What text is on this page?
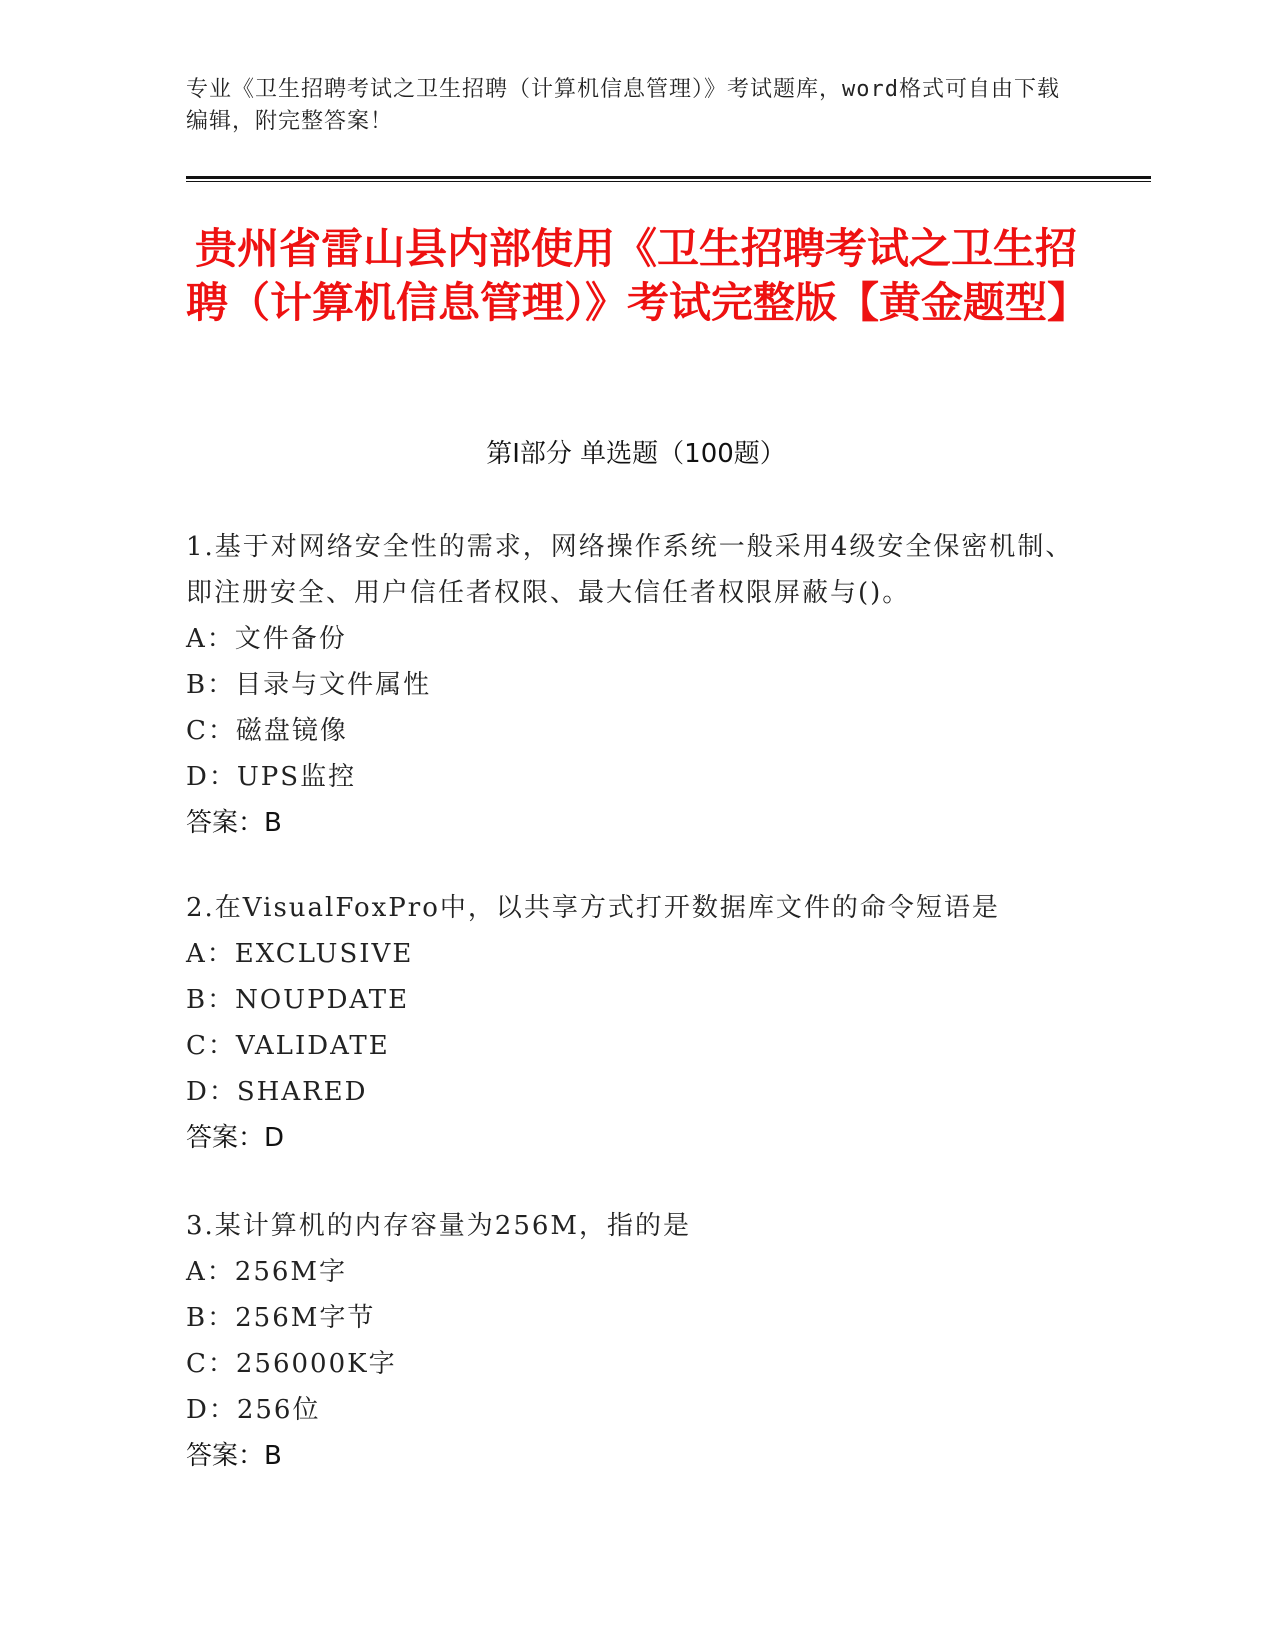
专业《卫生招聘考试之卫生招聘（计算机信息管理）》考试题库，word格式可自由下载编辑，附完整答案！
贵州省雷山县内部使用《卫生招聘考试之卫生招聘（计算机信息管理）》考试完整版【黄金题型】
第I部分 单选题（100题）

1.基于对网络安全性的需求，网络操作系统一般采用4级安全保密机制、即注册安全、用户信任者权限、最大信任者权限屏蔽与()。

A：文件备份

B：目录与文件属性

C：磁盘镜像

D：UPS监控

答案：B

2.在VisualFoxPro中，以共享方式打开数据库文件的命令短语是

A：EXCLUSIVE

B：NOUPDATE

C：VALIDATE

D：SHARED

答案：D

3.某计算机的内存容量为256M，指的是

A：256M字

B：256M字节

C：256000K字

D：256位

答案：B
